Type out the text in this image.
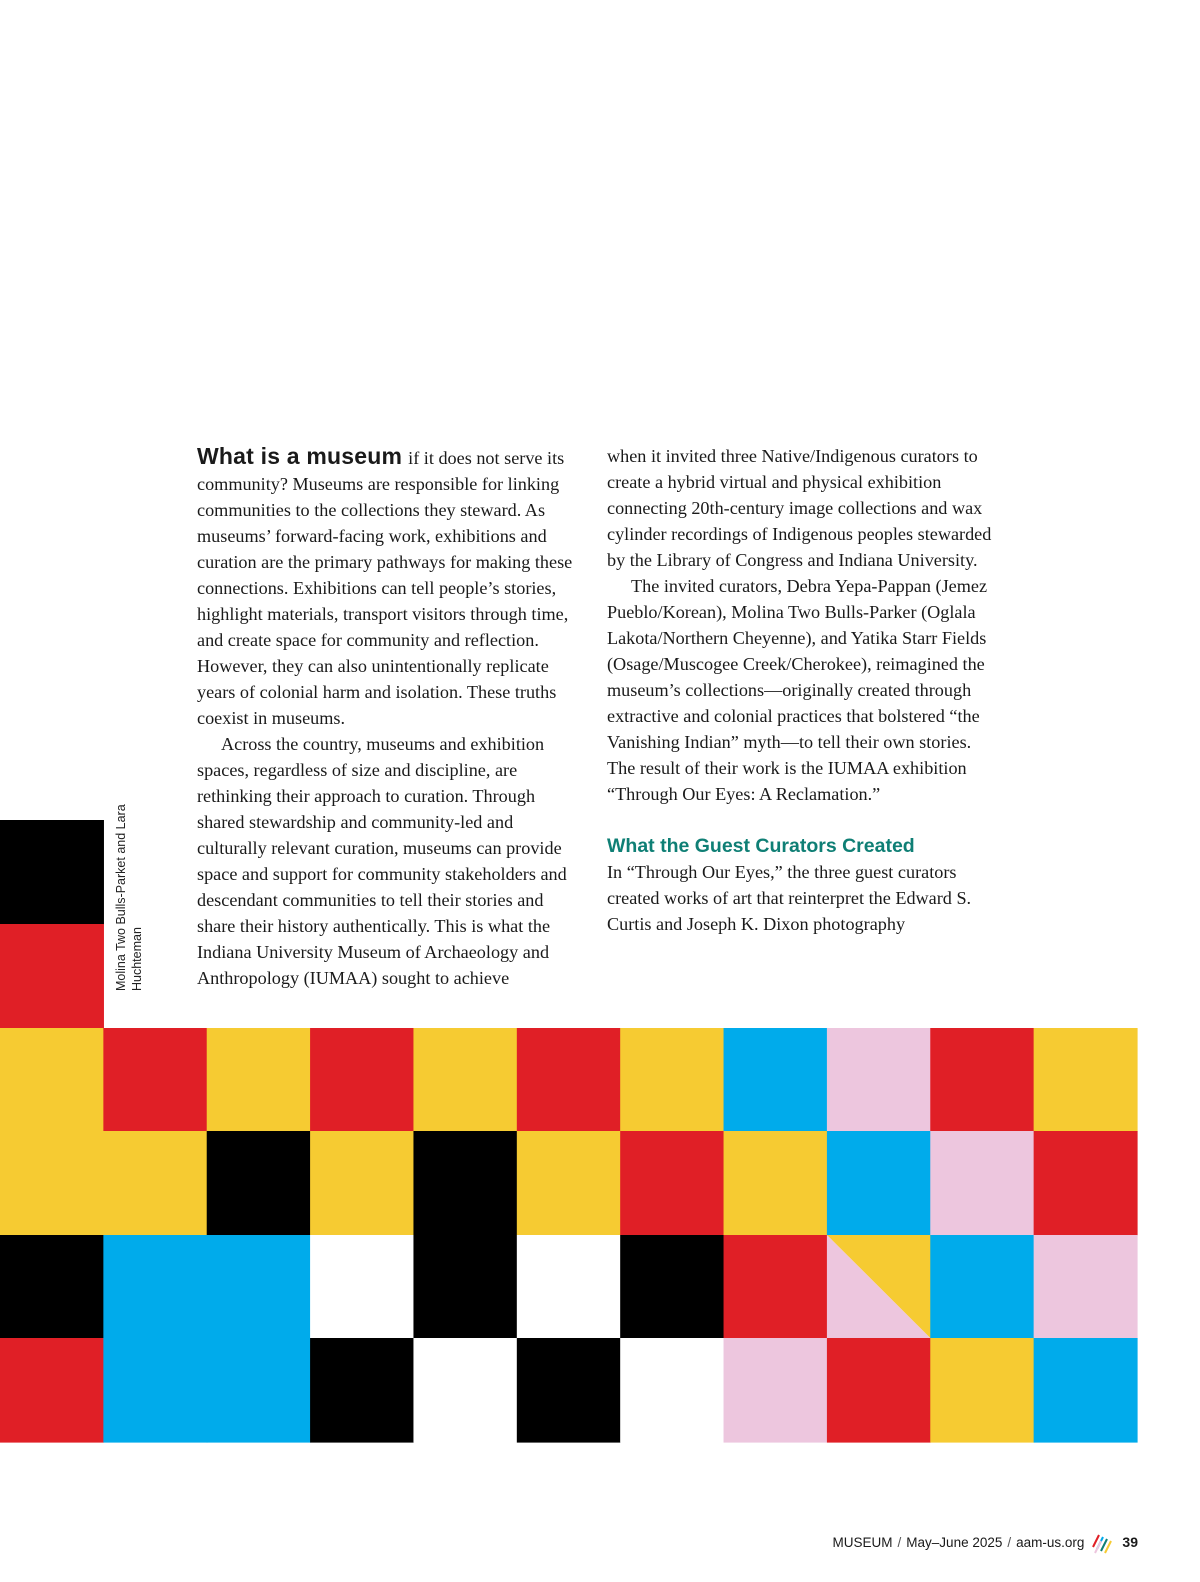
What is a museum if it does not serve its community? Museums are responsible for linking communities to the collections they steward. As museums’ forward-facing work, exhibitions and curation are the primary pathways for making these connections. Exhibitions can tell people’s stories, highlight materials, transport visitors through time, and create space for community and reflection. However, they can also unintentionally replicate years of colonial harm and isolation. These truths coexist in museums.

Across the country, museums and exhibition spaces, regardless of size and discipline, are rethinking their approach to curation. Through shared stewardship and community-led and culturally relevant curation, museums can provide space and support for community stakeholders and descendant communities to tell their stories and share their history authentically. This is what the Indiana University Museum of Archaeology and Anthropology (IUMAA) sought to achieve

when it invited three Native/Indigenous curators to create a hybrid virtual and physical exhibition connecting 20th-century image collections and wax cylinder recordings of Indigenous peoples stewarded by the Library of Congress and Indiana University.

The invited curators, Debra Yepa-Pappan (Jemez Pueblo/Korean), Molina Two Bulls-Parker (Oglala Lakota/Northern Cheyenne), and Yatika Starr Fields (Osage/Muscogee Creek/Cherokee), reimagined the museum’s collections—originally created through extractive and colonial practices that bolstered “the Vanishing Indian” myth—to tell their own stories. The result of their work is the IUMAA exhibition “Through Our Eyes: A Reclamation.”

What the Guest Curators Created

In “Through Our Eyes,” the three guest curators created works of art that reinterpret the Edward S. Curtis and Joseph K. Dixon photography

Molina Two Bulls-Parket and Lara Huchteman
MUSEUM / May–June 2025 / aam-us.org	39
